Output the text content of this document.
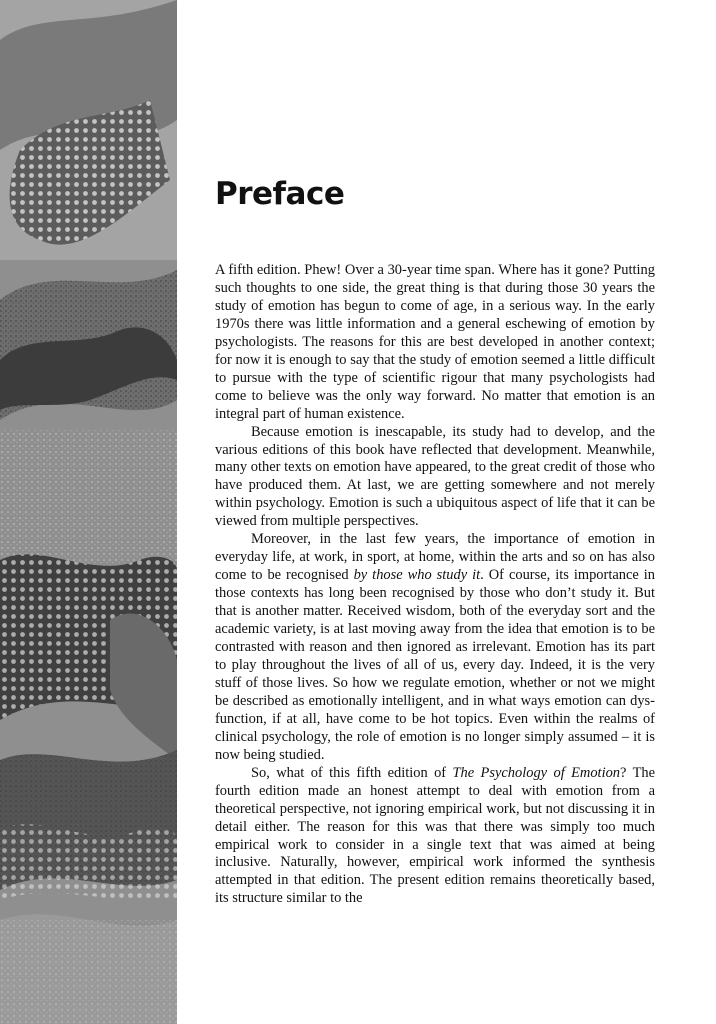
Preface

A fifth edition. Phew! Over a 30-year time span. Where has it gone? Putting such thoughts to one side, the great thing is that during those 30 years the study of emotion has begun to come of age, in a serious way. In the early 1970s there was little information and a general eschewing of emotion by psychologists. The reasons for this are best developed in another context; for now it is enough to say that the study of emotion seemed a little difficult to pursue with the type of scientific rigour that many psychologists had come to believe was the only way forward. No matter that emotion is an integral part of human existence.

Because emotion is inescapable, its study had to develop, and the various editions of this book have reflected that development. Meanwhile, many other texts on emotion have appeared, to the great credit of those who have produced them. At last, we are getting somewhere and not merely within psychology. Emotion is such a ubiquitous aspect of life that it can be viewed from multiple perspectives.

Moreover, in the last few years, the importance of emotion in everyday life, at work, in sport, at home, within the arts and so on has also come to be recognised by those who study it. Of course, its importance in those contexts has long been recognised by those who don’t study it. But that is another matter. Received wisdom, both of the everyday sort and the academic variety, is at last moving away from the idea that emotion is to be contrasted with reason and then ignored as irrelevant. Emotion has its part to play throughout the lives of all of us, every day. Indeed, it is the very stuff of those lives. So how we regulate emotion, whether or not we might be described as emotionally intelligent, and in what ways emotion can dys-function, if at all, have come to be hot topics. Even within the realms of clinical psychology, the role of emotion is no longer simply assumed – it is now being studied.

So, what of this fifth edition of The Psychology of Emotion? The fourth edition made an honest attempt to deal with emotion from a theoretical perspective, not ignoring empirical work, but not discussing it in detail either. The reason for this was that there was simply too much empirical work to consider in a single text that was aimed at being inclusive. Naturally, however, empirical work informed the synthesis attempted in that edition. The present edition remains theoretically based, its structure similar to the
